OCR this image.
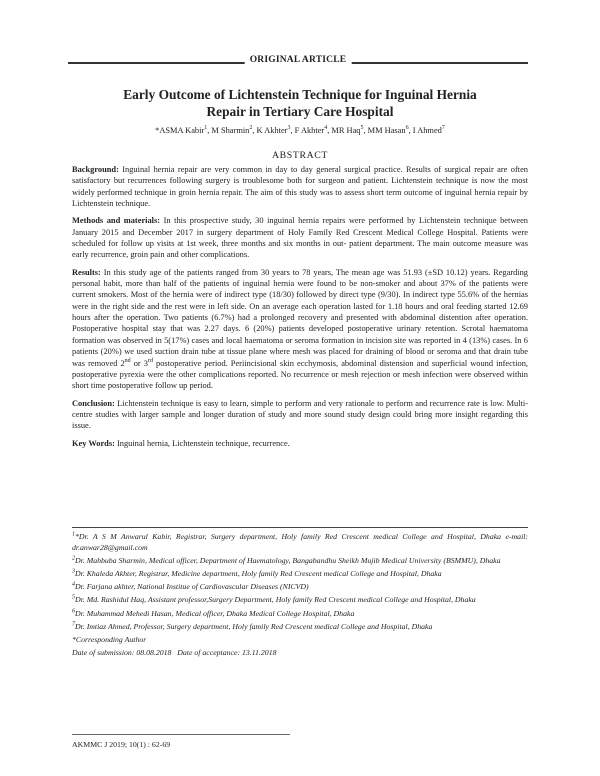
ORIGINAL ARTICLE
Early Outcome of Lichtenstein Technique for Inguinal Hernia
Repair in Tertiary Care Hospital
*ASMA Kabir$^1$, M Sharmin$^2$, K Akhter$^3$, F Akhter$^4$, MR Haq$^5$, MM Hasan$^6$, I Ahmed$^7$
ABSTRACT

Background: Inguinal hernia repair are very common in day to day general surgical practice. Results of surgical repair are often satisfactory but recurrences following surgery is troublesome both for surgeon and patient. Lichtenstein technique is now the most widely performed technique in groin hernia repair. The aim of this study was to assess short term outcome of inguinal hernia repair by Lichtenstein technique.

Methods and materials: In this prospective study, 30 inguinal hernia repairs were performed by Lichtenstein technique between January 2015 and December 2017 in surgery department of Holy Family Red Crescent Medical College Hospital. Patients were scheduled for follow up visits at 1st week, three months and six months in out- patient department. The main outcome measure was early recurrence, groin pain and other complications.

Results: In this study age of the patients ranged from 30 years to 78 years, The mean age was 51.93 (±SD 10.12) years. Regarding personal habit, more than half of the patients of inguinal hernia were found to be non-smoker and about 37% of the patients were current smokers. Most of the hernia were of indirect type (18/30) followed by direct type (9/30). In indirect type 55.6% of the hernias were in the right side and the rest were in left side. On an average each operation lasted for 1.18 hours and oral feeding started 12.69 hours after the operation. Two patients (6.7%) had a prolonged recovery and presented with abdominal distention after operation. Postoperative hospital stay that was 2.27 days. 6 (20%) patients developed postoperative urinary retention. Scrotal haematoma formation was observed in 5(17%) cases and local haematoma or seroma formation in incision site was reported in 4 (13%) cases. In 6 patients (20%) we used suction drain tube at tissue plane where mesh was placed for draining of blood or seroma and that drain tube was removed 2nd or 3rd postoperative period. Periincisional skin ecchymosis, abdominal distension and superficial wound infection, postoperative pyrexia were the other complications reported. No recurrence or mesh rejection or mesh infection were observed within short time postoperative follow up period.

Conclusion: Lichtenstein technique is easy to learn, simple to perform and very rationale to perform and recurrence rate is low. Multi-centre studies with larger sample and longer duration of study and more sound study design could bring more insight regarding this issue.

Key Words: Inguinal hernia, Lichtenstein technique, recurrence.

$^1$*Dr. A S M Anwarul Kabir, Registrar, Surgery department, Holy family Red Crescent medical College and Hospital, Dhaka e-mail: dr.anwar28@gmail.com

$^2$Dr. Mahbuba Sharmin, Medical officer, Department of Haematology, Bangabandhu Sheikh Mujib Medical University (BSMMU), Dhaka

$^3$Dr. Khaleda Akhter, Registrar, Medicine department, Holy family Red Crescent medical College and Hospital, Dhaka

$^4$Dr. Farjana akhter, National Institue of Cardiovascular Diseases (NICVD)

$^5$Dr. Md. Rashidul Haq, Assistant professor,Surgery Department, Holy family Red Crescent medical College and Hospital, Dhaka

$^6$Dr. Muhammad Mehedi Hasan, Medical officer, Dhaka Medical College Hospital, Dhaka

$^7$Dr. Imtiaz Ahmed, Professor, Surgery department, Holy family Red Crescent medical College and Hospital, Dhaka

*Corresponding Author

Date of submission: 08.08.2018   Date of acceptance: 13.11.2018

AKMMC J 2019; 10(1) : 62-69
